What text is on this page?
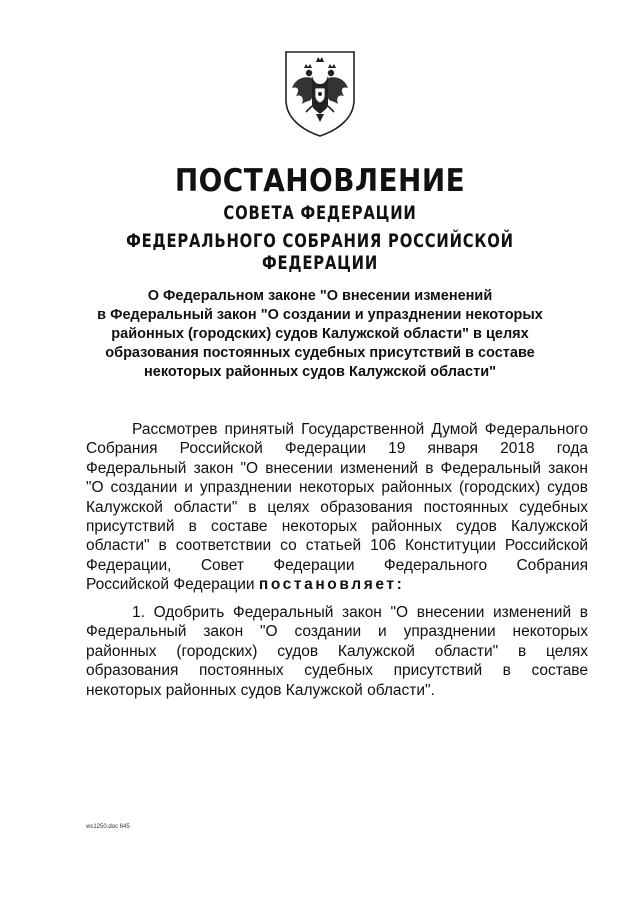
ПОСТАНОВЛЕНИЕ
СОВЕТА ФЕДЕРАЦИИ
ФЕДЕРАЛЬНОГО СОБРАНИЯ РОССИЙСКОЙ ФЕДЕРАЦИИ

О Федеральном законе "О внесении изменений
в Федеральный закон "О создании и упразднении некоторых
районных (городских) судов Калужской области" в целях
образования постоянных судебных присутствий в составе
некоторых районных судов Калужской области"

Рассмотрев принятый Государственной Думой Федерального
Собрания Российской Федерации 19 января 2018 года
Федеральный закон "О внесении изменений в Федеральный закон
"О создании и упразднении некоторых районных (городских) судов
Калужской области" в целях образования постоянных судебных
присутствий в составе некоторых районных судов Калужской
области" в соответствии со статьей 106 Конституции Российской
Федерации, Совет Федерации Федерального Собрания
Российской Федерации постановляет:

1. Одобрить Федеральный закон "О внесении изменений в
Федеральный закон "О создании и упразднении некоторых
районных (городских) судов Калужской области" в целях
образования постоянных судебных присутствий в составе
некоторых районных судов Калужской области".

ws1250.doc 645
